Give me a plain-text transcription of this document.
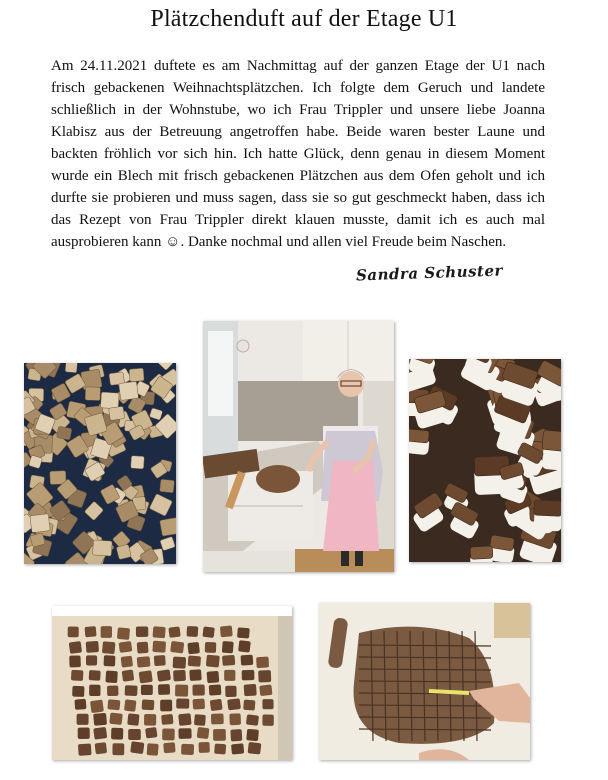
Plätzchenduft auf der Etage U1

Am 24.11.2021 duftete es am Nachmittag auf der ganzen Etage der U1 nach frisch gebackenen Weihnachtsplätzchen. Ich folgte dem Geruch und landete schließlich in der Wohnstube, wo ich Frau Trippler und unsere liebe Joanna Klabisz aus der Betreuung angetroffen habe. Beide waren bester Laune und backten fröhlich vor sich hin. Ich hatte Glück, denn genau in diesem Moment wurde ein Blech mit frisch gebackenen Plätzchen aus dem Ofen geholt und ich durfte sie probieren und muss sagen, dass sie so gut geschmeckt haben, dass ich das Rezept von Frau Trippler direkt klauen musste, damit ich es auch mal ausprobieren kann ☺. Danke nochmal und allen viel Freude beim Naschen.

Sandra Schuster
